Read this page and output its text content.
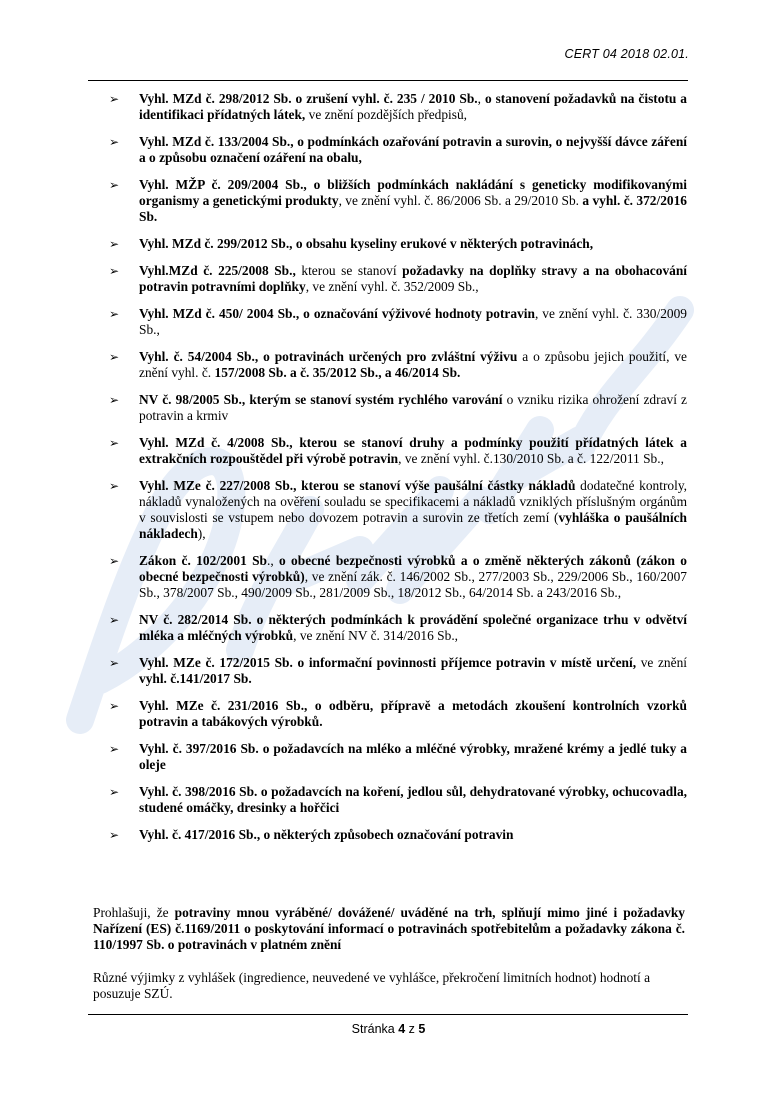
CERT 04 2018 02.01.
➢ Vyhl. MZd č. 298/2012 Sb. o zrušení vyhl. č. 235 / 2010 Sb., o stanovení požadavků na čistotu a identifikaci přídatných látek, ve znění pozdějších předpisů,
➢ Vyhl. MZd č. 133/2004 Sb., o podmínkách ozařování potravin a surovin, o nejvyšší dávce záření a o způsobu označení ozáření na obalu,
➢ Vyhl. MŽP č. 209/2004 Sb., o bližších podmínkách nakládání s geneticky modifikovanými organismy a genetickými produkty, ve znění vyhl. č. 86/2006 Sb. a 29/2010 Sb. a vyhl. č. 372/2016 Sb.
➢ Vyhl. MZd č. 299/2012 Sb., o obsahu kyseliny erukové v některých potravinách,
➢ Vyhl.MZd č. 225/2008 Sb., kterou se stanoví požadavky na doplňky stravy a na obohacování potravin potravními doplňky, ve znění vyhl. č. 352/2009 Sb.,
➢ Vyhl. MZd č. 450/ 2004 Sb., o označování výživové hodnoty potravin, ve znění vyhl. č. 330/2009 Sb.,
➢ Vyhl. č. 54/2004 Sb., o potravinách určených pro zvláštní výživu a o způsobu jejich použití, ve znění vyhl. č. 157/2008 Sb. a č. 35/2012 Sb., a 46/2014 Sb.
➢ NV č. 98/2005 Sb., kterým se stanoví systém rychlého varování o vzniku rizika ohrožení zdraví z potravin a krmiv
➢ Vyhl. MZd č. 4/2008 Sb., kterou se stanoví druhy a podmínky použití přídatných látek a extrakčních rozpouštědel při výrobě potravin, ve znění vyhl. č.130/2010 Sb. a č. 122/2011 Sb.,
➢ Vyhl. MZe č. 227/2008 Sb., kterou se stanoví výše paušální částky nákladů dodatečné kontroly, nákladů vynaložených na ověření souladu se specifikacemi a nákladů vzniklých příslušným orgánům v souvislosti se vstupem nebo dovozem potravin a surovin ze třetích zemí (vyhláška o paušálních nákladech),
➢ Zákon č. 102/2001 Sb., o obecné bezpečnosti výrobků a o změně některých zákonů (zákon o obecné bezpečnosti výrobků), ve znění zák. č. 146/2002 Sb., 277/2003 Sb., 229/2006 Sb., 160/2007 Sb., 378/2007 Sb., 490/2009 Sb., 281/2009 Sb., 18/2012 Sb., 64/2014 Sb. a 243/2016 Sb.,
➢ NV č. 282/2014 Sb. o některých podmínkách k provádění společné organizace trhu v odvětví mléka a mléčných výrobků, ve znění NV č. 314/2016 Sb.,
➢ Vyhl. MZe č. 172/2015 Sb. o informační povinnosti příjemce potravin v místě určení, ve znění vyhl. č.141/2017 Sb.
➢ Vyhl. MZe č. 231/2016 Sb., o odběru, přípravě a metodách zkoušení kontrolních vzorků potravin a tabákových výrobků.
➢ Vyhl. č. 397/2016 Sb. o požadavcích na mléko a mléčné výrobky, mražené krémy a jedlé tuky a oleje
➢ Vyhl. č. 398/2016 Sb. o požadavcích na koření, jedlou sůl, dehydratované výrobky, ochucovadla, studené omáčky, dresinky a hořčici
➢ Vyhl. č. 417/2016 Sb., o některých způsobech označování potravin

Prohlašuji, že potraviny mnou vyráběné/ dovážené/ uváděné na trh, splňují mimo jiné i požadavky Nařízení (ES) č.1169/2011 o poskytování informací o potravinách spotřebitelům a požadavky zákona č. 110/1997 Sb. o potravinách v platném znění

Různé výjimky z vyhlášek (ingredience, neuvedené ve vyhlášce, překročení limitních hodnot) hodnotí a posuzuje SZÚ.

Stránka 4 z 5
